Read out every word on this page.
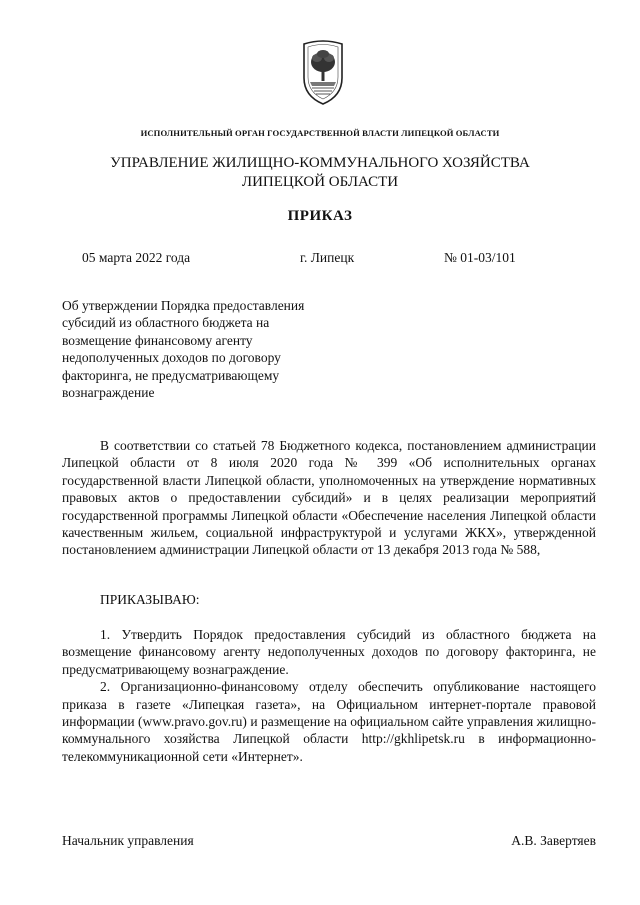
ИСПОЛНИТЕЛЬНЫЙ ОРГАН ГОСУДАРСТВЕННОЙ ВЛАСТИ ЛИПЕЦКОЙ ОБЛАСТИ
УПРАВЛЕНИЕ ЖИЛИЩНО-КОММУНАЛЬНОГО ХОЗЯЙСТВА
ЛИПЕЦКОЙ ОБЛАСТИ
ПРИКАЗ
05 марта 2022 года	г. Липецк	№ 01-03/101
Об утверждении Порядка предоставления
субсидий из областного бюджета на
возмещение финансовому агенту
недополученных доходов по договору
факторинга, не предусматривающему
вознаграждение

В соответствии со статьей 78 Бюджетного кодекса, постановлением администрации Липецкой области от 8 июля 2020 года № 399 «Об исполнительных органах государственной власти Липецкой области, уполномоченных на утверждение нормативных правовых актов о предоставлении субсидий» и в целях реализации мероприятий государственной программы Липецкой области «Обеспечение населения Липецкой области качественным жильем, социальной инфраструктурой и услугами ЖКХ», утвержденной постановлением администрации Липецкой области от 13 декабря 2013 года № 588,

ПРИКАЗЫВАЮ:

1. Утвердить Порядок предоставления субсидий из областного бюджета на возмещение финансовому агенту недополученных доходов по договору факторинга, не предусматривающему вознаграждение.

2. Организационно-финансовому отделу обеспечить опубликование настоящего приказа в газете «Липецкая газета», на Официальном интернет-портале правовой информации (www.pravo.gov.ru) и размещение на официальном сайте управления жилищно-коммунального хозяйства Липецкой области http://gkhlipetsk.ru в информационно-телекоммуникационной сети «Интернет».

Начальник управления	А.В. Завертяев
